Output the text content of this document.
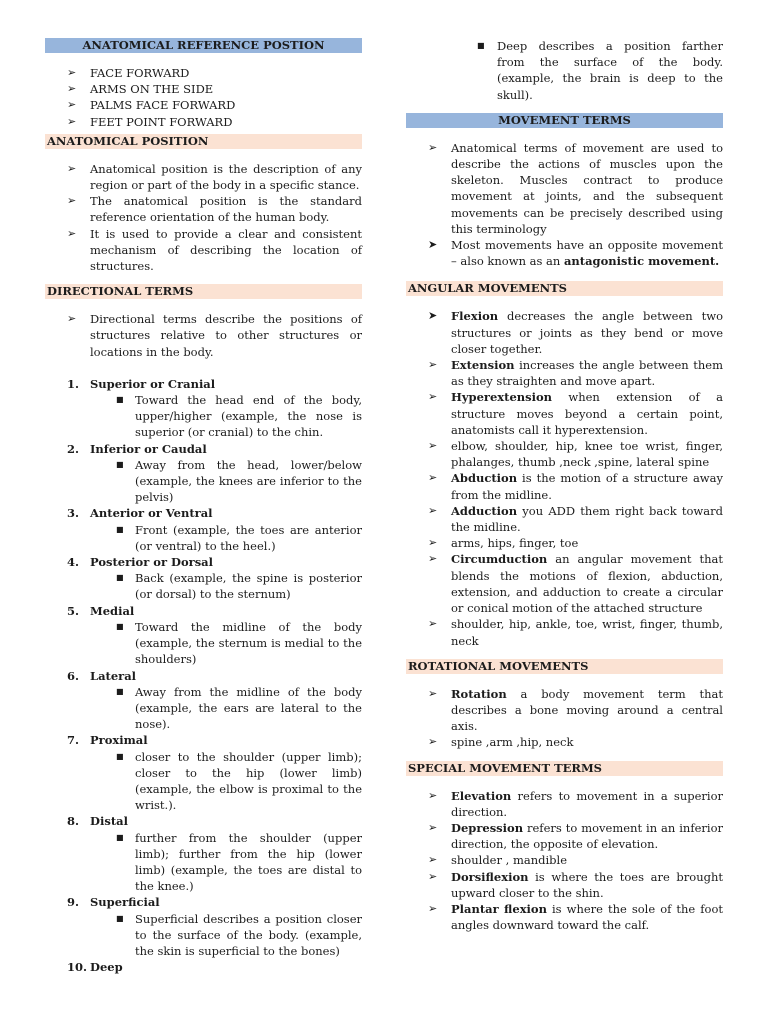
ANATOMICAL REFERENCE POSTION
➢ FACE FORWARD
➢ ARMS ON THE SIDE
➢ PALMS FACE FORWARD
➢ FEET POINT FORWARD
ANATOMICAL POSITION
➢ Anatomical position is the description of any region or part of the body in a specific stance.
➢ The anatomical position is the standard reference orientation of the human body.
➢ It is used to provide a clear and consistent mechanism of describing the location of structures.
DIRECTIONAL TERMS
➢ Directional terms describe the positions of structures relative to other structures or locations in the body.
1. Superior or Cranial
■ Toward the head end of the body, upper/higher (example, the nose is superior (or cranial) to the chin.
2. Inferior or Caudal
■ Away from the head, lower/below (example, the knees are inferior to the pelvis)
3. Anterior or Ventral
■ Front (example, the toes are anterior (or ventral) to the heel.)
4. Posterior or Dorsal
■ Back (example, the spine is posterior (or dorsal) to the sternum)
5. Medial
■ Toward the midline of the body (example, the sternum is medial to the shoulders)
6. Lateral
■ Away from the midline of the body (example, the ears are lateral to the nose).
7. Proximal
■ closer to the shoulder (upper limb); closer to the hip (lower limb) (example, the elbow is proximal to the wrist.).
8. Distal
■ further from the shoulder (upper limb); further from the hip (lower limb) (example, the toes are distal to the knee.)
9. Superficial
■ Superficial describes a position closer to the surface of the body. (example, the skin is superficial to the bones)
10. Deep
■ Deep describes a position farther from the surface of the body. (example, the brain is deep to the skull).
MOVEMENT TERMS
➢ Anatomical terms of movement are used to describe the actions of muscles upon the skeleton. Muscles contract to produce movement at joints, and the subsequent movements can be precisely described using this terminology
➤ Most movements have an opposite movement – also known as an antagonistic movement.
ANGULAR MOVEMENTS
➤ Flexion decreases the angle between two structures or joints as they bend or move closer together.
➢ Extension increases the angle between them as they straighten and move apart.
➢ Hyperextension when extension of a structure moves beyond a certain point, anatomists call it hyperextension.
➢ elbow, shoulder, hip, knee toe wrist, finger, phalanges, thumb ,neck ,spine, lateral spine
➢ Abduction is the motion of a structure away from the midline.
➢ Adduction you ADD them right back toward the midline.
➢ arms, hips, finger, toe
➢ Circumduction an angular movement that blends the motions of flexion, abduction, extension, and adduction to create a circular or conical motion of the attached structure
➢ shoulder, hip, ankle, toe, wrist, finger, thumb, neck
ROTATIONAL MOVEMENTS
➢ Rotation a body movement term that describes a bone moving around a central axis.
➢ spine ,arm ,hip, neck
SPECIAL MOVEMENT TERMS
➢ Elevation refers to movement in a superior direction.
➢ Depression refers to movement in an inferior direction, the opposite of elevation.
➢ shoulder , mandible
➢ Dorsiflexion is where the toes are brought upward closer to the shin.
➢ Plantar flexion is where the sole of the foot angles downward toward the calf.
